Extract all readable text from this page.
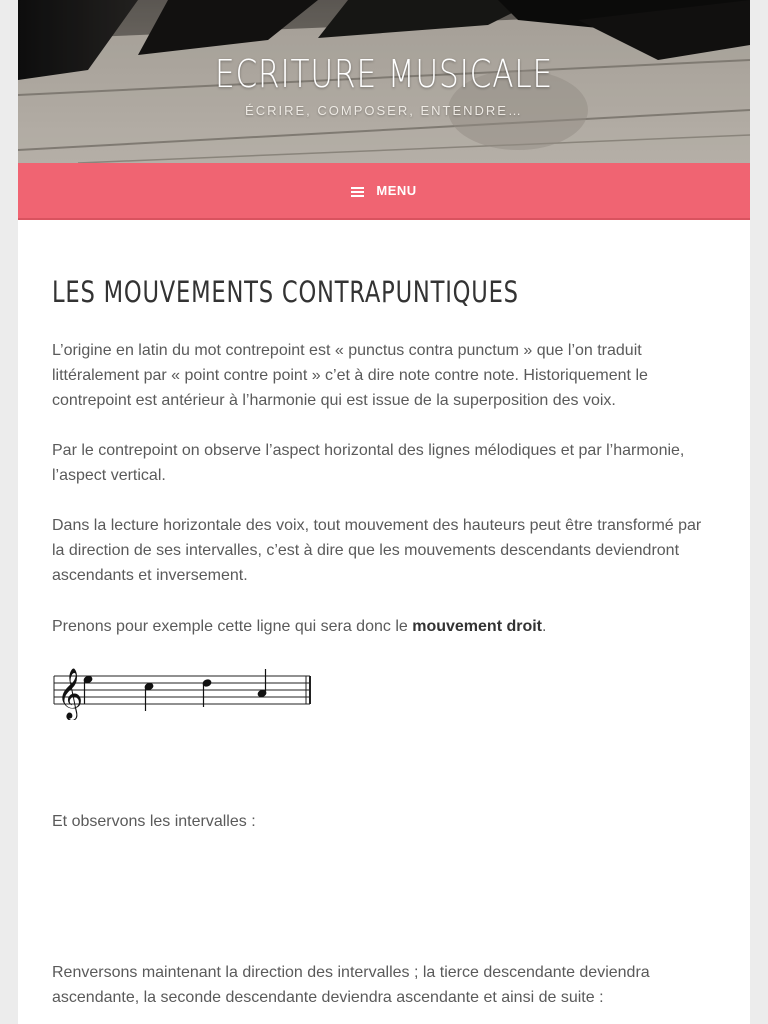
ECRITURE MUSICALE
ÉCRIRE, COMPOSER, ENTENDRE…
MENU
LES MOUVEMENTS CONTRAPUNTIQUES

L’origine en latin du mot contrepoint est « punctus contra punctum » que l’on traduit littéralement par « point contre point » c’et à dire note contre note. Historiquement le contrepoint est antérieur à l’harmonie qui est issue de la superposition des voix.

Par le contrepoint on observe l’aspect horizontal des lignes mélodiques et par l’harmonie, l’aspect vertical.

Dans la lecture horizontale des voix, tout mouvement des hauteurs peut être transformé par la direction de ses intervalles, c’est à dire que les mouvements descendants deviendront ascendants et inversement.

Prenons pour exemple cette ligne qui sera donc le mouvement droit.

𝄞

Et observons les intervalles :

Renversons maintenant la direction des intervalles ; la tierce descendante deviendra ascendante, la seconde descendante deviendra ascendante et ainsi de suite :
